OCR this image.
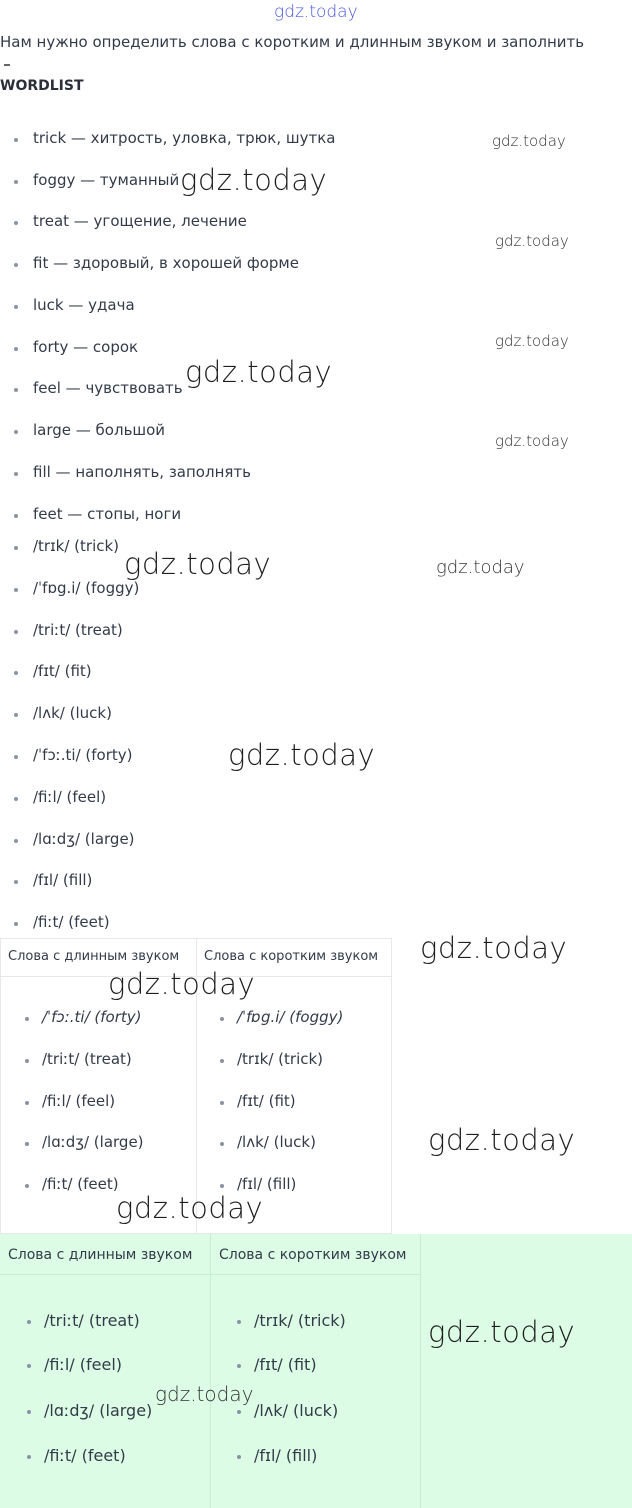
gdz.today
Нам нужно определить слова с коротким и длинным звуком и заполнить
WORDLIST
trick — хитрость, уловка, трюк, шутка
foggy — туманный
treat — угощение, лечение
fit — здоровый, в хорошей форме
luck — удача
forty — сорок
feel — чувствовать
large — большой
fill — наполнять, заполнять
feet — стопы, ноги
/trɪk/ (trick)
/ˈfɒg.i/ (foggy)
/triːt/ (treat)
/fɪt/ (fit)
/lʌk/ (luck)
/ˈfɔː.ti/ (forty)
/fiːl/ (feel)
/lɑːdʒ/ (large)
/fɪl/ (fill)
/fiːt/ (feet)
Слова с длинным звуком Слова с коротким звуком
/ˈfɔː.ti/ (forty)
/triːt/ (treat)
/fiːl/ (feel)
/lɑːdʒ/ (large)
/fiːt/ (feet)
/ˈfɒg.i/ (foggy)
/trɪk/ (trick)
/fɪt/ (fit)
/lʌk/ (luck)
/fɪl/ (fill)
Слова с длинным звуком Слова с коротким звуком
/triːt/ (treat)
/fiːl/ (feel)
/lɑːdʒ/ (large)
/fiːt/ (feet)
/trɪk/ (trick)
/fɪt/ (fit)
/lʌk/ (luck)
/fɪl/ (fill)
gdz.today
gdz.today
gdz.today
gdz.today
gdz.today
gdz.today
gdz.today	gdz.today
gdz.today
gdz.today
gdz.today
gdz.today
gdz.today
gdz.today
gdz.today
